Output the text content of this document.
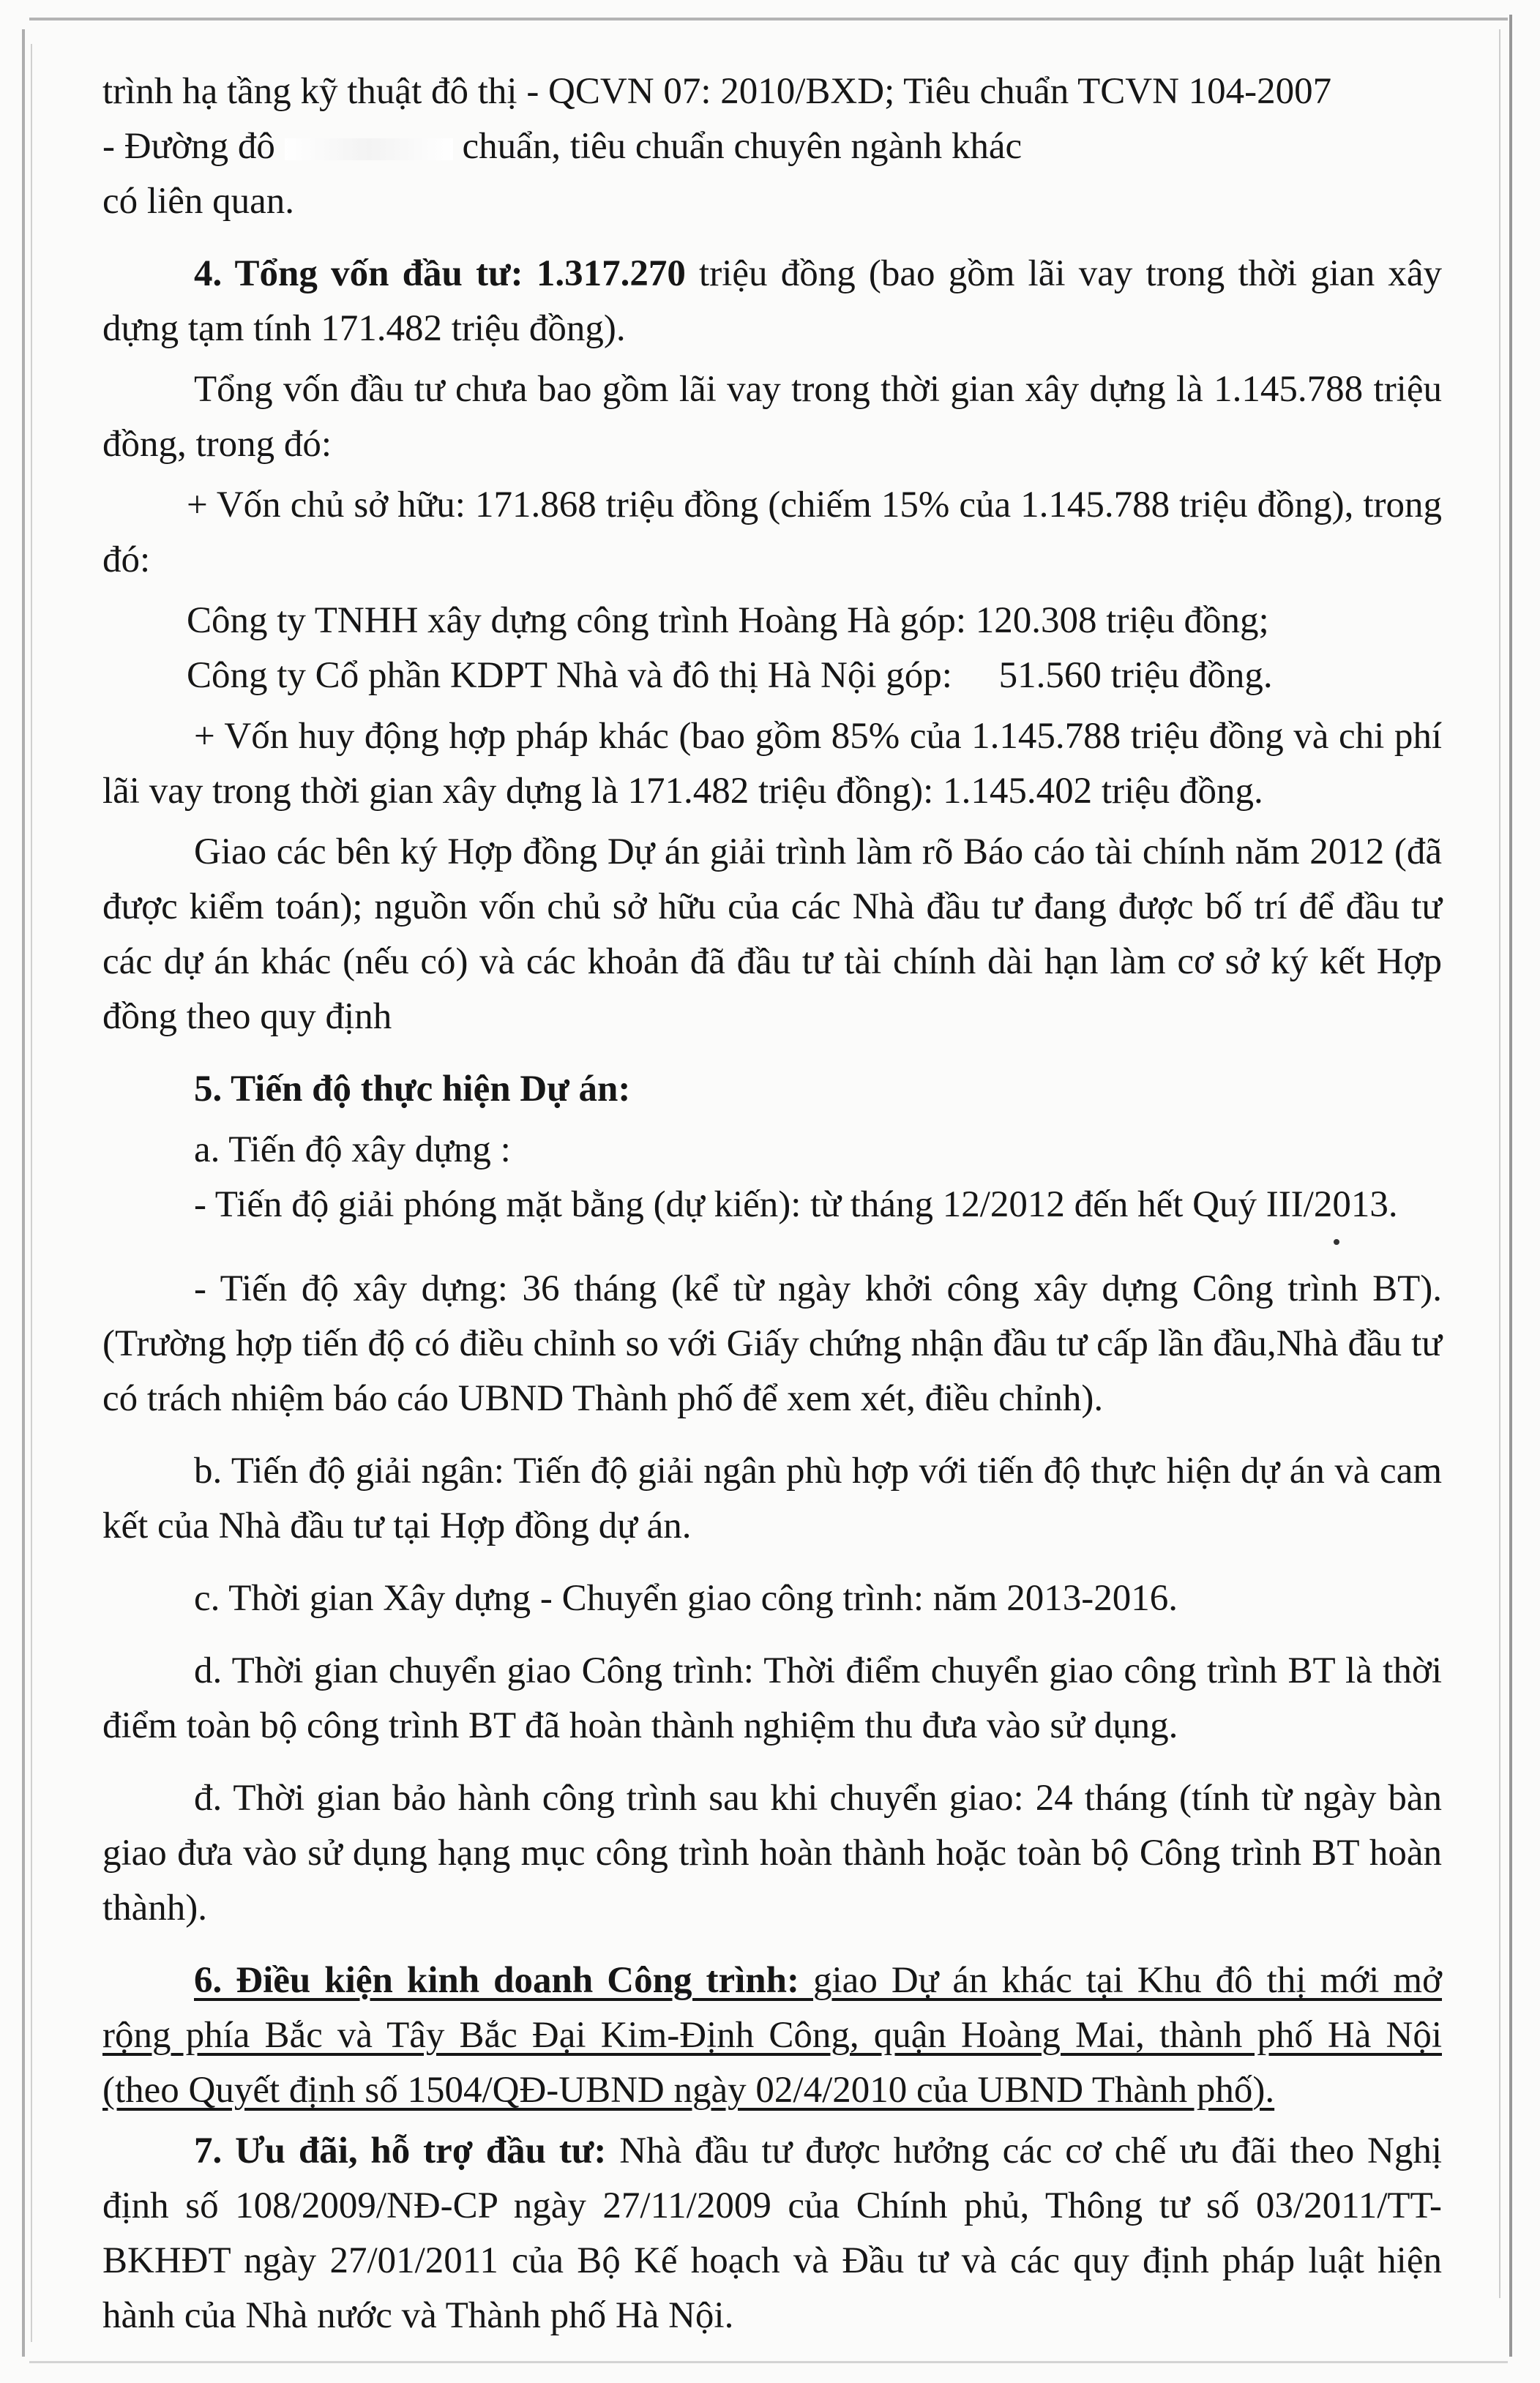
trình hạ tầng kỹ thuật đô thị - QCVN 07: 2010/BXD; Tiêu chuẩn TCVN 104-2007

- Đường đô	chuẩn, tiêu chuẩn chuyên ngành khác

có liên quan.

4. Tổng vốn đầu tư: 1.317.270 triệu đồng (bao gồm lãi vay trong thời gian xây dựng tạm tính 171.482 triệu đồng).

Tổng vốn đầu tư chưa bao gồm lãi vay trong thời gian xây dựng là 1.145.788 triệu đồng, trong đó:

+ Vốn chủ sở hữu: 171.868 triệu đồng (chiếm 15% của 1.145.788 triệu đồng), trong đó:

Công ty TNHH xây dựng công trình Hoàng Hà góp: 120.308 triệu đồng;

Công ty Cổ phần KDPT Nhà và đô thị Hà Nội góp:     51.560 triệu đồng.

+ Vốn huy động hợp pháp khác (bao gồm 85% của 1.145.788 triệu đồng và chi phí lãi vay trong thời gian xây dựng là 171.482 triệu đồng): 1.145.402 triệu đồng.

Giao các bên ký Hợp đồng Dự án giải trình làm rõ Báo cáo tài chính năm 2012 (đã được kiểm toán); nguồn vốn chủ sở hữu của các Nhà đầu tư đang được bố trí để đầu tư các dự án khác (nếu có) và các khoản đã đầu tư tài chính dài hạn làm cơ sở ký kết Hợp đồng theo quy định

5. Tiến độ thực hiện Dự án:

a. Tiến độ xây dựng :

- Tiến độ giải phóng mặt bằng (dự kiến): từ tháng 12/2012 đến hết Quý III/2013.

- Tiến độ xây dựng: 36 tháng (kể từ ngày khởi công xây dựng Công trình BT). (Trường hợp tiến độ có điều chỉnh so với Giấy chứng nhận đầu tư cấp lần đầu,Nhà đầu tư có trách nhiệm báo cáo UBND Thành phố để xem xét, điều chỉnh).

b. Tiến độ giải ngân: Tiến độ giải ngân phù hợp với tiến độ thực hiện dự án và cam kết của Nhà đầu tư tại Hợp đồng dự án.

c. Thời gian Xây dựng - Chuyển giao công trình: năm 2013-2016.

d. Thời gian chuyển giao Công trình: Thời điểm chuyển giao công trình BT là thời điểm toàn bộ công trình BT đã hoàn thành nghiệm thu đưa vào sử dụng.

đ. Thời gian bảo hành công trình sau khi chuyển giao: 24 tháng (tính từ ngày bàn giao đưa vào sử dụng hạng mục công trình hoàn thành hoặc toàn bộ Công trình BT hoàn thành).

6. Điều kiện kinh doanh Công trình: giao Dự án khác tại Khu đô thị mới mở rộng phía Bắc và Tây Bắc Đại Kim-Định Công, quận Hoàng Mai, thành phố Hà Nội (theo Quyết định số 1504/QĐ-UBND ngày 02/4/2010 của UBND Thành phố).

7. Ưu đãi, hỗ trợ đầu tư: Nhà đầu tư được hưởng các cơ chế ưu đãi theo Nghị định số 108/2009/NĐ-CP ngày 27/11/2009 của Chính phủ, Thông tư số 03/2011/TT-BKHĐT ngày 27/01/2011 của Bộ Kế hoạch và Đầu tư và các quy định pháp luật hiện hành của Nhà nước và Thành phố Hà Nội.
